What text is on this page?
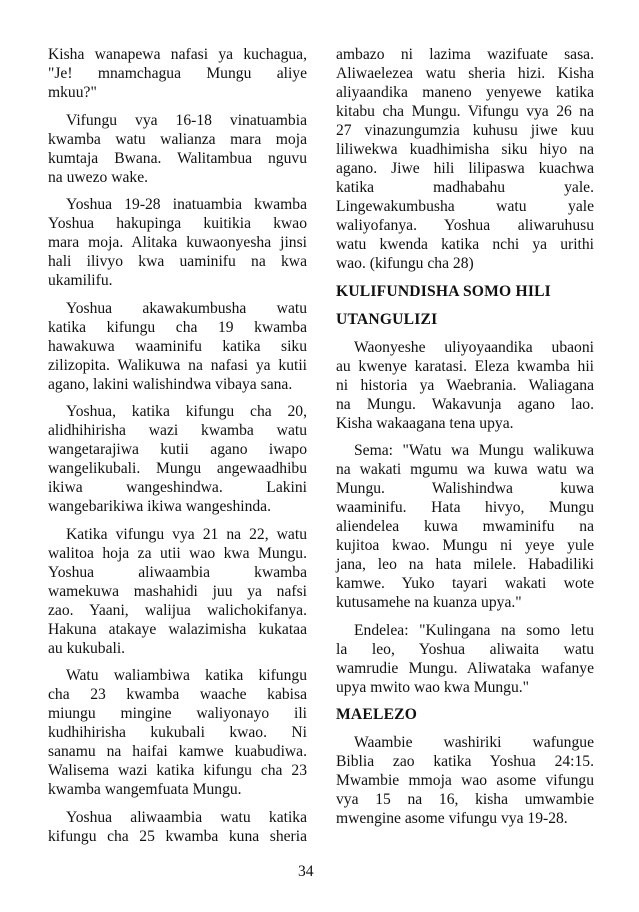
Kisha wanapewa nafasi ya kuchagua,
"Je! mnamchagua Mungu aliye
mkuu?"
Vifungu vya 16-18 vinatuambia
kwamba watu walianza mara moja
kumtaja Bwana. Walitambua nguvu
na uwezo wake.
Yoshua 19-28 inatuambia kwamba
Yoshua hakupinga kuitikia kwao
mara moja. Alitaka kuwaonyesha jinsi
hali ilivyo kwa uaminifu na kwa
ukamilifu.
Yoshua akawakumbusha watu
katika kifungu cha 19 kwamba
hawakuwa waaminifu katika siku
zilizopita. Walikuwa na nafasi ya kutii
agano, lakini walishindwa vibaya sana.
Yoshua, katika kifungu cha 20,
alidhihirisha wazi kwamba watu
wangetarajiwa kutii agano iwapo
wangelikubali. Mungu angewaadhibu
ikiwa wangeshindwa. Lakini
wangebarikiwa ikiwa wangeshinda.
Katika vifungu vya 21 na 22, watu
walitoa hoja za utii wao kwa Mungu.
Yoshua aliwaambia kwamba
wamekuwa mashahidi juu ya nafsi
zao. Yaani, walijua walichokifanya.
Hakuna atakaye walazimisha kukataa
au kukubali.
Watu waliambiwa katika kifungu
cha 23 kwamba waache kabisa
miungu mingine waliyonayo ili
kudhihirisha kukubali kwao. Ni
sanamu na haifai kamwe kuabudiwa.
Walisema wazi katika kifungu cha 23
kwamba wangemfuata Mungu.
Yoshua aliwaambia watu katika
kifungu cha 25 kwamba kuna sheria
ambazo ni lazima wazifuate sasa.
Aliwaelezea watu sheria hizi. Kisha
aliyaandika maneno yenyewe katika
kitabu cha Mungu. Vifungu vya 26 na
27 vinazungumzia kuhusu jiwe kuu
liliwekwa kuadhimisha siku hiyo na
agano. Jiwe hili lilipaswa kuachwa
katika madhabahu yale.
Lingewakumbusha watu yale
waliyofanya. Yoshua aliwaruhusu
watu kwenda katika nchi ya urithi
wao. (kifungu cha 28)
KULIFUNDISHA SOMO HILI
UTANGULIZI
Waonyeshe uliyoyaandika ubaoni
au kwenye karatasi. Eleza kwamba hii
ni historia ya Waebrania. Waliagana
na Mungu. Wakavunja agano lao.
Kisha wakaagana tena upya.
Sema: "Watu wa Mungu walikuwa
na wakati mgumu wa kuwa watu wa
Mungu. Walishindwa kuwa
waaminifu. Hata hivyo, Mungu
aliendelea kuwa mwaminifu na
kujitoa kwao. Mungu ni yeye yule
jana, leo na hata milele. Habadiliki
kamwe. Yuko tayari wakati wote
kutusamehe na kuanza upya."
Endelea: "Kulingana na somo letu
la leo, Yoshua aliwaita watu
wamrudie Mungu. Aliwataka wafanye
upya mwito wao kwa Mungu."
MAELEZO
Waambie washiriki wafungue
Biblia zao katika Yoshua 24:15.
Mwambie mmoja wao asome vifungu
vya 15 na 16, kisha umwambie
mwengine asome vifungu vya 19-28.
34
